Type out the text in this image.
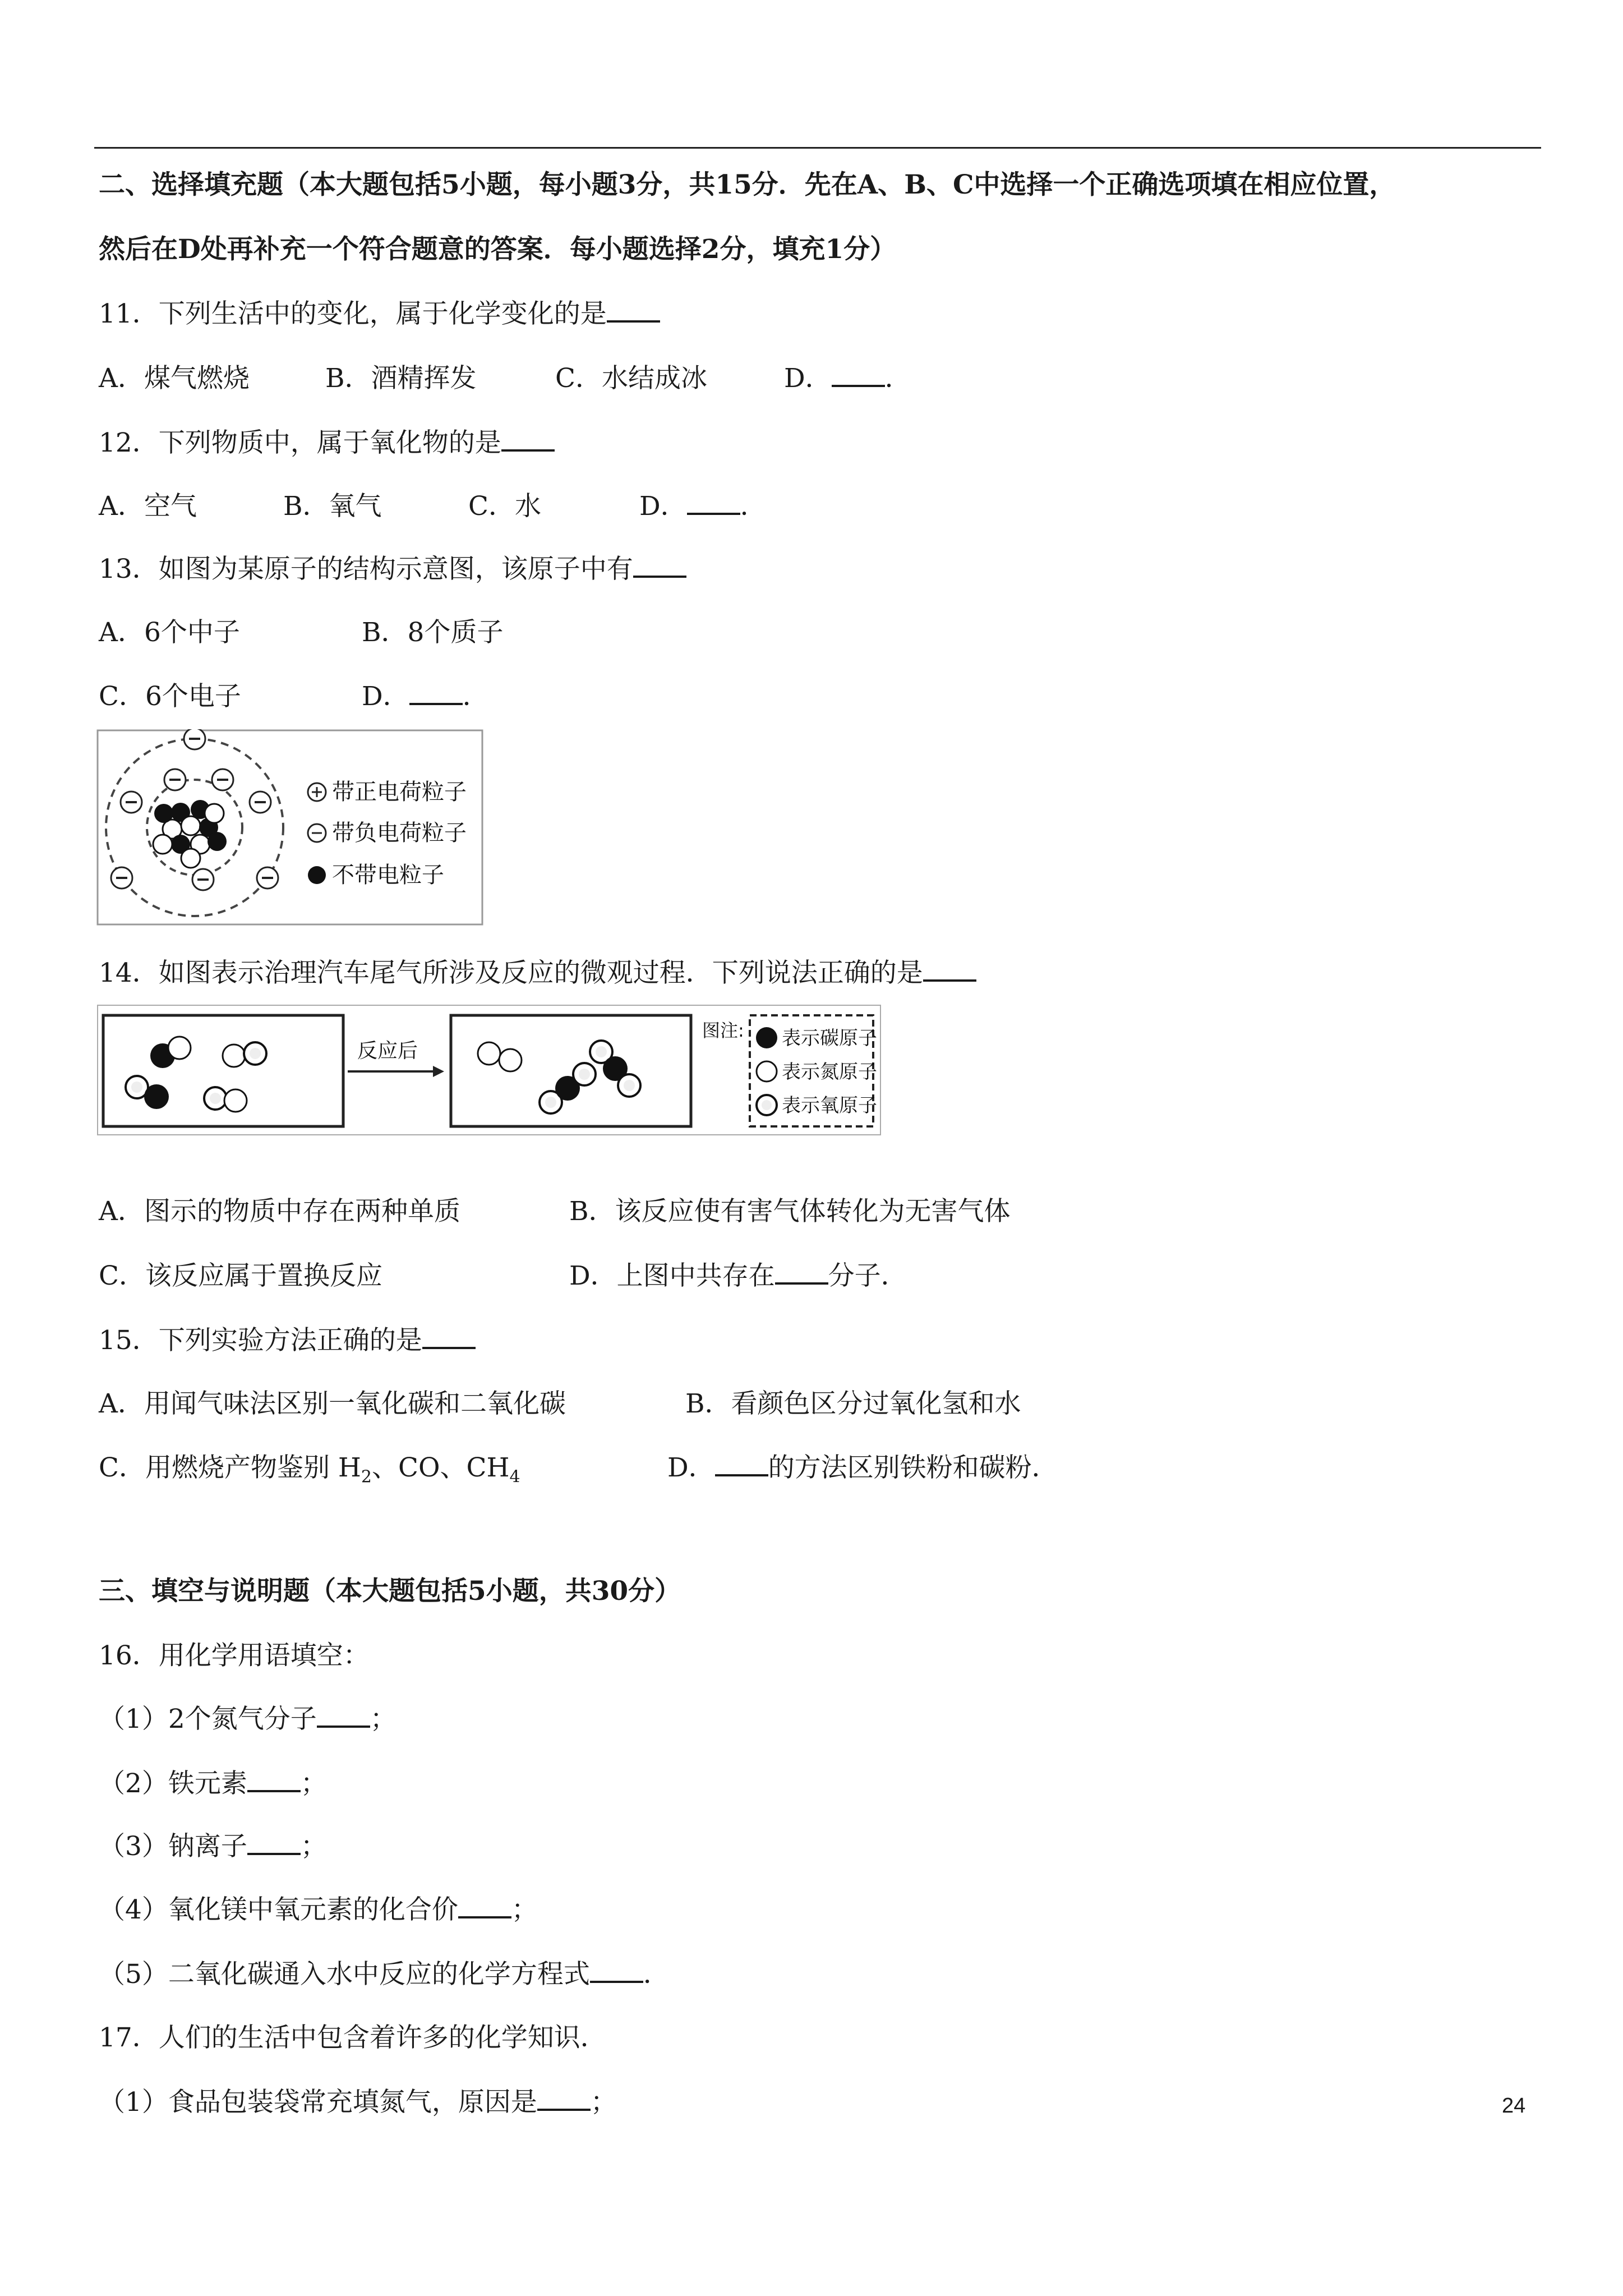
二、选择填充题（本大题包括5小题，每小题3分，共15分．先在A、B、C中选择一个正确选项填在相应位置，
然后在D处再补充一个符合题意的答案．每小题选择2分，填充1分）
11．下列生活中的变化，属于化学变化的是
A．煤气燃烧	B．酒精挥发	C．水结成冰	D． ．
12．下列物质中，属于氧化物的是
A．空气	B．氧气	C．水	D． ．
13．如图为某原子的结构示意图，该原子中有
A．6个中子	B．8个质子
C．6个电子	D． ．
带正电荷粒子
带负电荷粒子
不带电粒子
14．如图表示治理汽车尾气所涉及反应的微观过程．下列说法正确的是
反应后
图注: 表示碳原子
表示氮原子
表示氧原子
A．图示的物质中存在两种单质	B．该反应使有害气体转化为无害气体
C．该反应属于置换反应	D．上图中共存在 分子．
15．下列实验方法正确的是
A．用闻气味法区别一氧化碳和二氧化碳	B．看颜色区分过氧化氢和水
C．用燃烧产物鉴别 $H_2$、CO、$CH_4$	D． 的方法区别铁粉和碳粉．
三、填空与说明题（本大题包括5小题，共30分）
16．用化学用语填空：
（1）2个氮气分子 ；
（2）铁元素 ；
（3）钠离子 ；
（4）氧化镁中氧元素的化合价 ；
（5）二氧化碳通入水中反应的化学方程式 ．
17．人们的生活中包含着许多的化学知识．
（1）食品包装袋常充填氮气，原因是 ；	24
